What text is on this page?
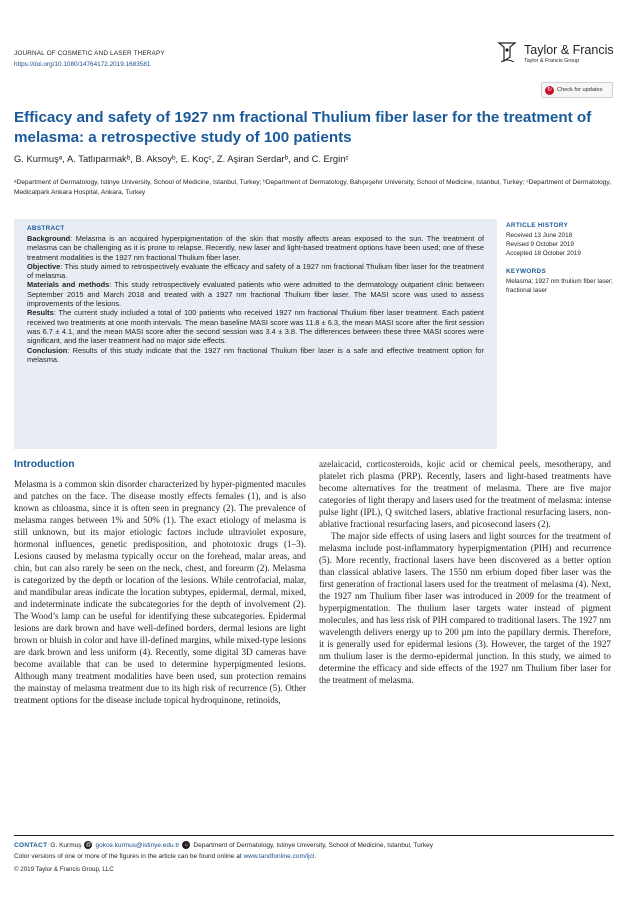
JOURNAL OF COSMETIC AND LASER THERAPY
https://doi.org/10.1080/14764172.2019.1683581
Taylor & Francis
Taylor & Francis Group
↻ Check for updates
Efficacy and safety of 1927 nm fractional Thulium fiber laser for the treatment of melasma: a retrospective study of 100 patients
G. Kurmuşᵃ, A. Tatlıparmakᵇ, B. Aksoyᵇ, E. Koçᶜ, Z. Aşiran Serdarᵇ, and C. Erginᶜ
ᵃDepartment of Dermatology, Istinye University, School of Medicine, Istanbul, Turkey; ᵇDepartment of Dermatology, Bahçeşehir University, School of Medicine, Istanbul, Turkey; ᶜDepartment of Dermatology, Medicalpark Ankara Hospital, Ankara, Turkey
ABSTRACT

Background: Melasma is an acquired hyperpigmentation of the skin that mostly affects areas exposed to the sun. The treatment of melasma can be challenging as it is prone to relapse. Recently, new laser and light-based treatment options have been used; one of these treatment modalities is the 1927 nm fractional Thulium fiber laser.

Objective: This study aimed to retrospectively evaluate the efficacy and safety of a 1927 nm fractional Thulium fiber laser for the treatment of melasma.

Materials and methods: This study retrospectively evaluated patients who were admitted to the dermatology outpatient clinic between September 2015 and March 2018 and treated with a 1927 nm fractional Thulium fiber laser. The MASI score was used to assess improvements of the lesions.

Results: The current study included a total of 100 patients who received 1927 nm fractional Thulium fiber laser treatment. Each patient received two treatments at one month intervals. The mean baseline MASI score was 11.8 ± 6.3, the mean MASI score after the first session was 6.7 ± 4.1, and the mean MASI score after the second session was 3.4 ± 3.8. The differences between these three MASI scores were significant, and the laser treatment had no major side effects.

Conclusion: Results of this study indicate that the 1927 nm fractional Thulium fiber laser is a safe and effective treatment option for melasma.

ARTICLE HISTORY
Received 13 June 2018
Revised 9 October 2019
Accepted 18 October 2019
KEYWORDS
Melasma; 1927 nm thulium fiber laser; fractional laser
Introduction

Melasma is a common skin disorder characterized by hyper-pigmented macules and patches on the face. The disease mostly effects females (1), and is also known as chloasma, since it is often seen in pregnancy (2). The prevalence of melasma ranges between 1% and 50% (1). The exact etiology of melasma is still unknown, but its major etiologic factors include ultraviolet exposure, hormonal influences, genetic predisposition, and phototoxic drugs (1–3). Lesions caused by melasma typically occur on the forehead, malar areas, and chin, but can also rarely be seen on the neck, chest, and forearm (2). Melasma is categorized by the depth or location of the lesions. While centrofacial, malar, and mandibular areas indicate the location subtypes, epidermal, dermal, mixed, and indeterminate indicate the subcategories for the depth of involvement (2). The Wood’s lamp can be useful for identifying these subcategories. Epidermal lesions are dark brown and have well-defined borders, dermal lesions are light brown or bluish in color and have ill-defined margins, while mixed-type lesions are dark brown and less uniform (4). Recently, some digital 3D cameras have become available that can be used to determine hyperpigmented lesions. Although many treatment modalities have been used, sun protection remains the mainstay of melasma treatment due to its high risk of recurrence (5). Other treatment options for the disease include topical hydroquinone, retinoids,

azelaicacid, corticosteroids, kojic acid or chemical peels, mesotherapy, and platelet rich plasma (PRP). Recently, lasers and light-based treatments have become alternatives for the treatment of melasma. There are five major categories of light therapy and lasers used for the treatment of melasma: intense pulse light (IPL), Q switched lasers, ablative fractional resurfacing lasers, non-ablative fractional resurfacing lasers, and picosecond lasers (2).

The major side effects of using lasers and light sources for the treatment of melasma include post-inflammatory hyperpigmentation (PIH) and recurrence (5). More recently, fractional lasers have been discovered as a better option than classical ablative lasers. The 1550 nm erbium doped fiber laser was the first generation of fractional lasers used for the treatment of melasma (4). Next, the 1927 nm Thulium fiber laser was introduced in 2009 for the treatment of hyperpigmentation. The thulium laser targets water instead of pigment molecules, and has less risk of PIH compared to traditional lasers. The 1927 nm wavelength delivers energy up to 200 µm into the papillary dermis. Therefore, it is generally used for epidermal lesions (3). However, the target of the 1927 nm thulium laser is the dermo-epidermal junction. In this study, we aimed to determine the efficacy and side effects of the 1927 nm Thulium fiber laser for the treatment of melasma.

CONTACT G. Kurmuş @ gokce.kurmus@istinye.edu.tr	⌂ Department of Dermatology, Istinye University, School of Medicine, Istanbul, Turkey
Color versions of one or more of the figures in the article can be found online at www.tandfonline.com/ijcl.
© 2019 Taylor & Francis Group, LLC
